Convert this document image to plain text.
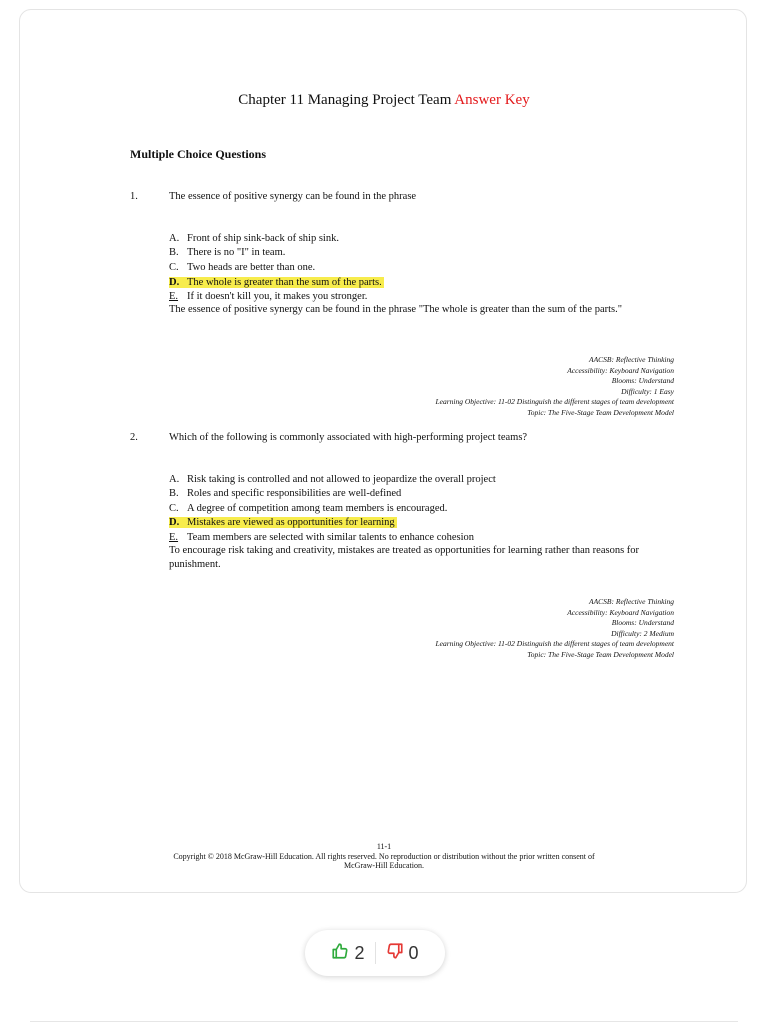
Chapter 11 Managing Project Team Answer Key
Multiple Choice Questions
1.	The essence of positive synergy can be found in the phrase
A. Front of ship sink-back of ship sink.
B. There is no "I" in team.
C. Two heads are better than one.
D. The whole is greater than the sum of the parts.
E. If it doesn't kill you, it makes you stronger.
The essence of positive synergy can be found in the phrase "The whole is greater than the sum of the parts."
AACSB: Reflective Thinking
Accessibility: Keyboard Navigation
Blooms: Understand
Difficulty: 1 Easy
Learning Objective: 11-02 Distinguish the different stages of team development
Topic: The Five-Stage Team Development Model
2.	Which of the following is commonly associated with high-performing project teams?
A. Risk taking is controlled and not allowed to jeopardize the overall project
B. Roles and specific responsibilities are well-defined
C. A degree of competition among team members is encouraged.
D. Mistakes are viewed as opportunities for learning
E. Team members are selected with similar talents to enhance cohesion
To encourage risk taking and creativity, mistakes are treated as opportunities for learning rather than reasons for punishment.
AACSB: Reflective Thinking
Accessibility: Keyboard Navigation
Blooms: Understand
Difficulty: 2 Medium
Learning Objective: 11-02 Distinguish the different stages of team development
Topic: The Five-Stage Team Development Model
11-1
Copyright © 2018 McGraw-Hill Education. All rights reserved. No reproduction or distribution without the prior written consent of
McGraw-Hill Education.
2 0
